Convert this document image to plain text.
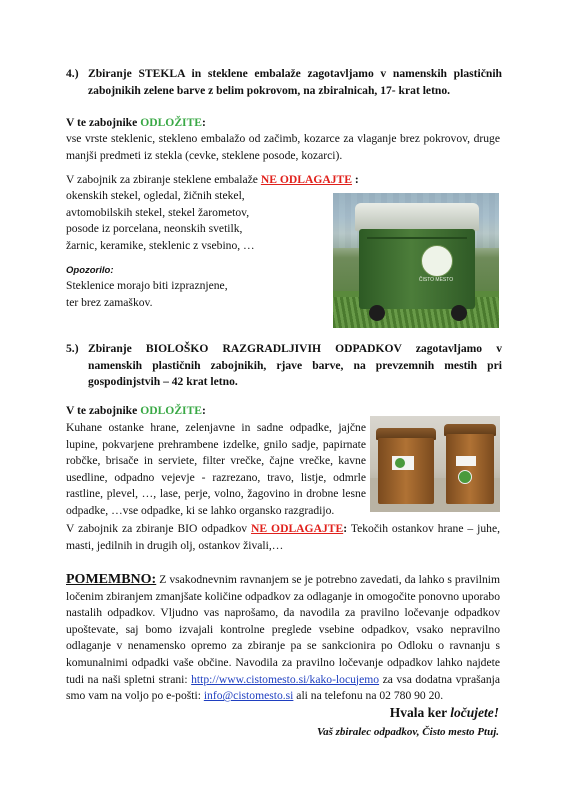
4.) Zbiranje STEKLA in steklene embalaže zagotavljamo v namenskih plastičnih zabojnikih zelene barve z belim pokrovom, na zbiralnicah, 17- krat letno.
V te zabojnike ODLOŽITE:

vse vrste steklenic, stekleno embalažo od začimb, kozarce za vlaganje brez pokrovov, druge manjši predmeti iz stekla (cevke, steklene posode, kozarci).

V zabojnik za zbiranje steklene embalaže NE ODLAGAJTE :
okenskih stekel, ogledal, žičnih stekel,
avtomobilskih stekel, stekel žarometov,
posode iz porcelana, neonskih svetilk,
žarnic, keramike, steklenic z vsebino, …
Opozorilo:
Steklenice morajo biti izpraznjene,
ter brez zamaškov.
ČISTO MESTO
5.) Zbiranje BIOLOŠKO RAZGRADLJIVIH ODPADKOV zagotavljamo v namenskih plastičnih zabojnikih, rjave barve, na prevzemnih mestih pri gospodinjstvih – 42 krat letno.
V te zabojnike ODLOŽITE:
Kuhane ostanke hrane, zelenjavne in sadne odpadke, jajčne
lupine, pokvarjene prehrambene izdelke, gnilo sadje, papirnate
robčke, brisače in serviete, filter vrečke, čajne vrečke, kavne
usedline, odpadno vejevje - razrezano, travo, listje, odmrle
rastline, plevel, …, lase, perje, volno, žagovino in drobne lesne
odpadke, …vse odpadke, ki se lahko organsko razgradijo.
V zabojnik za zbiranje BIO odpadkov NE ODLAGAJTE: Tekočih ostankov hrane – juhe, masti, jedilnih in drugih olj, ostankov živali,…
POMEMBNO: Z vsakodnevnim ravnanjem se je potrebno zavedati, da lahko s pravilnim ločenim zbiranjem zmanjšate količine odpadkov za odlaganje in omogočite ponovno uporabo nastalih odpadkov. Vljudno vas naprošamo, da navodila za pravilno ločevanje odpadkov upoštevate, saj bomo izvajali kontrolne preglede vsebine odpadkov, vsako nepravilno odlaganje v nenamensko opremo za zbiranje pa se sankcionira po Odloku o ravnanju s komunalnimi odpadki vaše občine. Navodila za pravilno ločevanje odpadkov lahko najdete tudi na naši spletni strani: http://www.cistomesto.si/kako-locujemo za vsa dodatna vprašanja smo vam na voljo po e-pošti: info@cistomesto.si ali na telefonu na 02 780 90 20.
Hvala ker ločujete!
Vaš zbiralec odpadkov, Čisto mesto Ptuj.
